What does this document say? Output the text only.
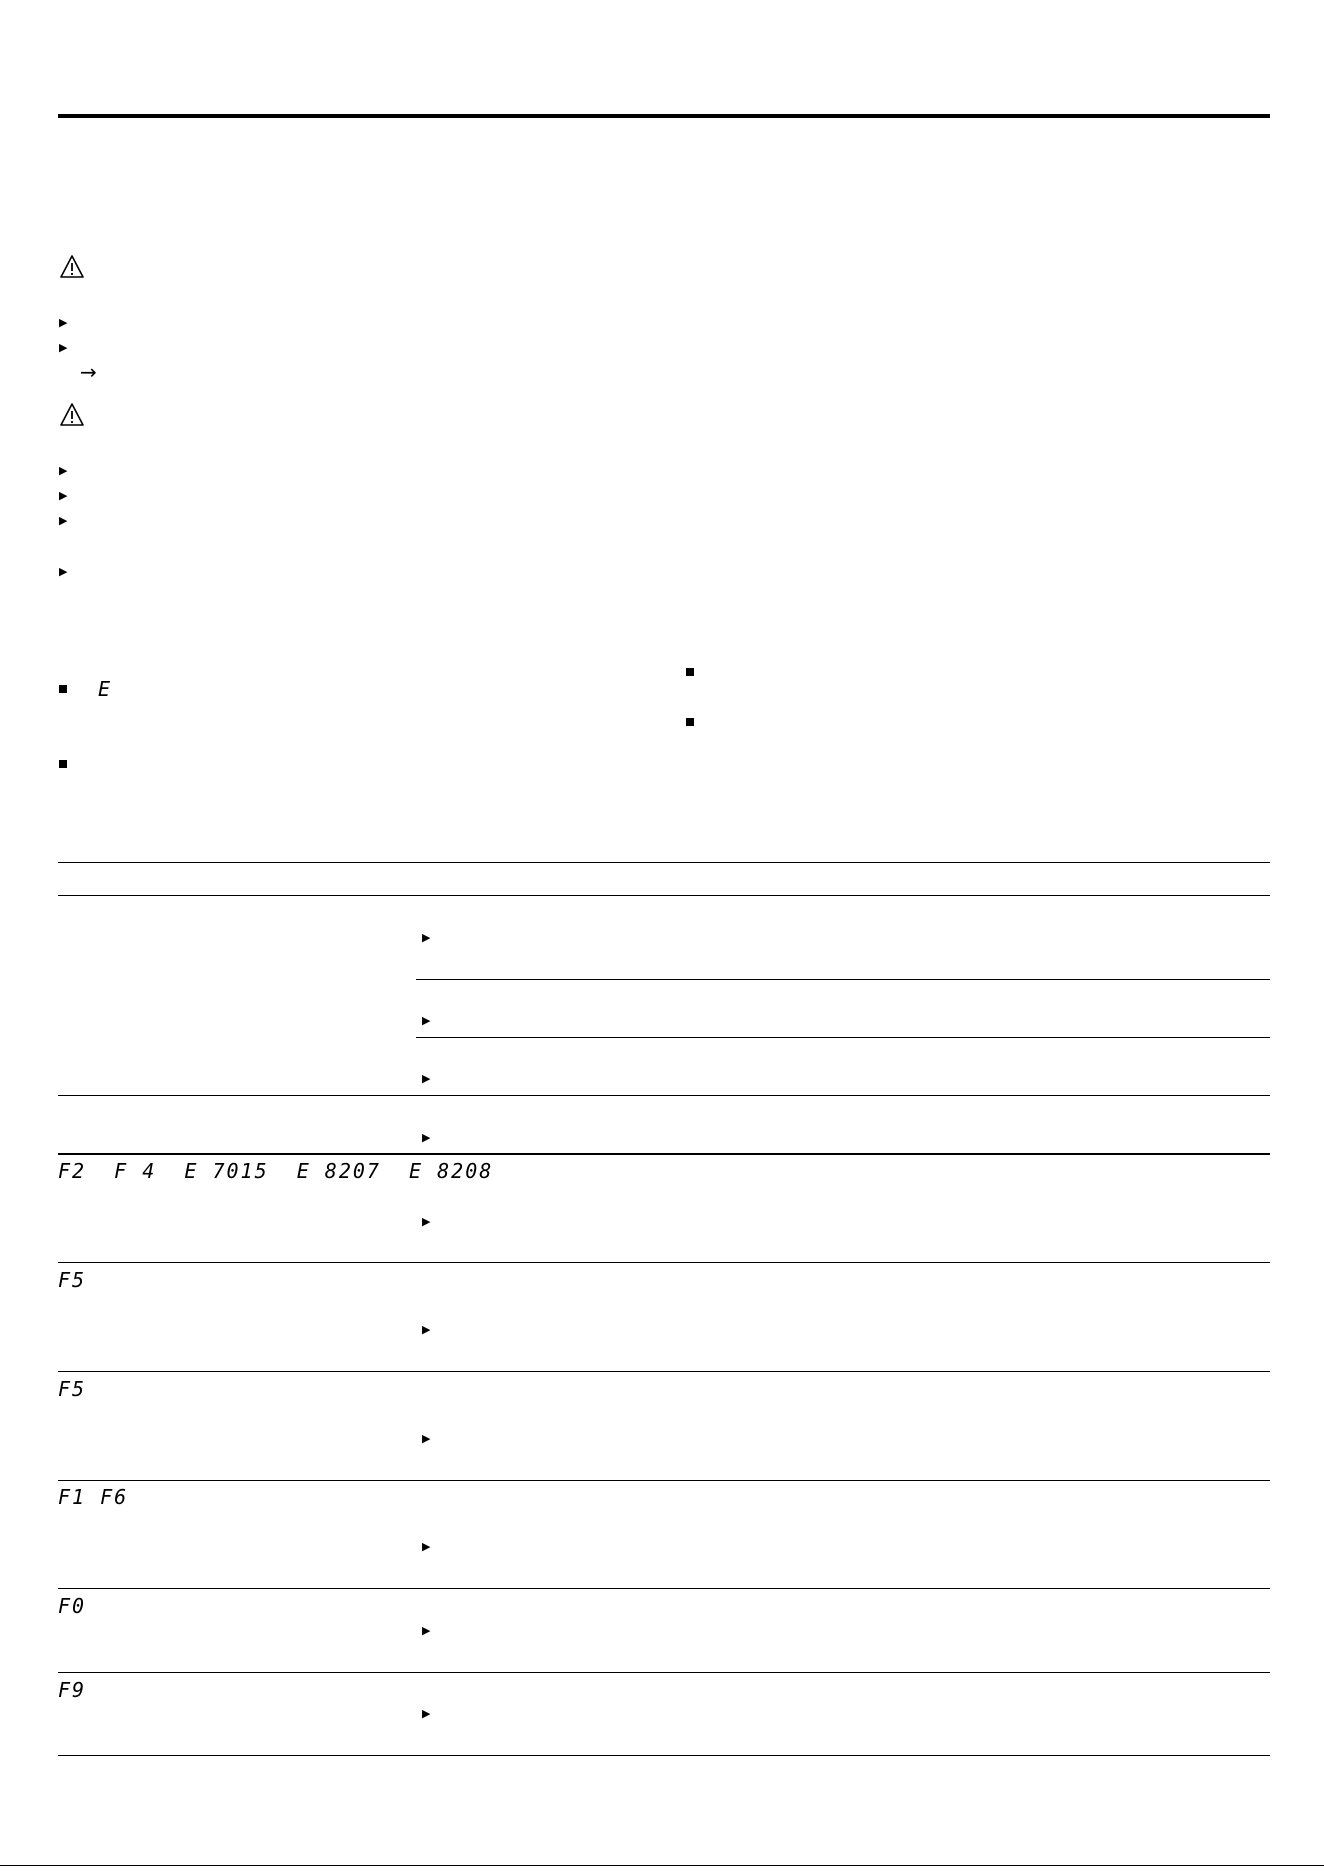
▶
▶
→
▶
▶
▶
▶
E
▶
▶
▶
▶
F2  F 4  E 7015  E 8207  E 8208
▶
F5
▶
F5
▶
F1 F6
▶
F0
▶
F9
▶
